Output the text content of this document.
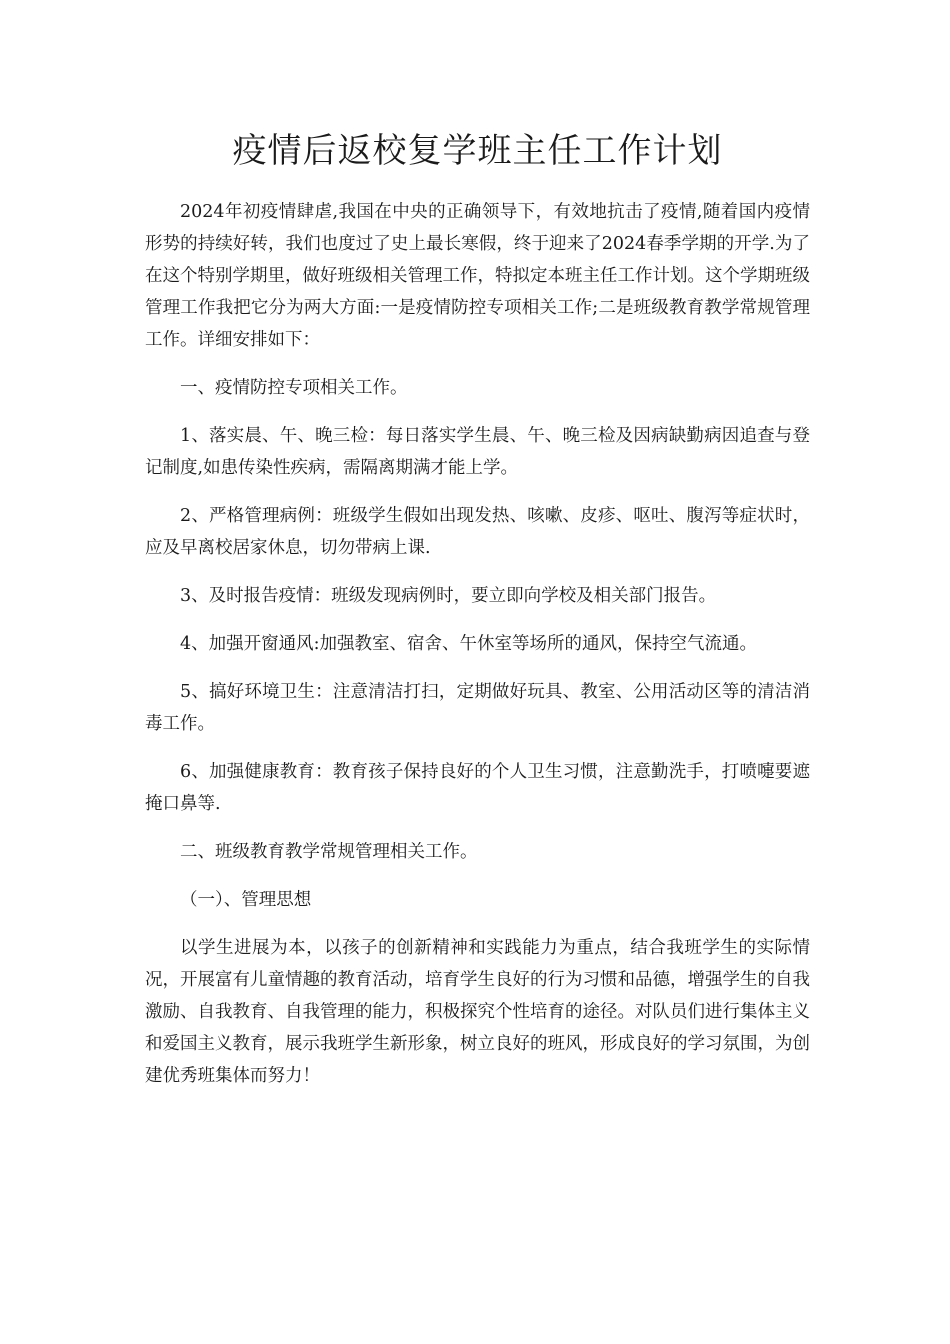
疫情后返校复学班主任工作计划

2024年初疫情肆虐,我国在中央的正确领导下，有效地抗击了疫情,随着国内疫情形势的持续好转，我们也度过了史上最长寒假，终于迎来了2024春季学期的开学.为了在这个特别学期里，做好班级相关管理工作，特拟定本班主任工作计划。这个学期班级管理工作我把它分为两大方面:一是疫情防控专项相关工作;二是班级教育教学常规管理工作。详细安排如下：

一、疫情防控专项相关工作。

1、落实晨、午、晚三检：每日落实学生晨、午、晚三检及因病缺勤病因追查与登记制度,如患传染性疾病，需隔离期满才能上学。

2、严格管理病例：班级学生假如出现发热、咳嗽、皮疹、呕吐、腹泻等症状时，应及早离校居家休息，切勿带病上课.

3、及时报告疫情：班级发现病例时，要立即向学校及相关部门报告。

4、加强开窗通风:加强教室、宿舍、午休室等场所的通风，保持空气流通。

5、搞好环境卫生：注意清洁打扫，定期做好玩具、教室、公用活动区等的清洁消毒工作。

6、加强健康教育：教育孩子保持良好的个人卫生习惯，注意勤洗手，打喷嚏要遮掩口鼻等.

二、班级教育教学常规管理相关工作。

（一）、管理思想

以学生进展为本，以孩子的创新精神和实践能力为重点，结合我班学生的实际情况，开展富有儿童情趣的教育活动，培育学生良好的行为习惯和品德，增强学生的自我激励、自我教育、自我管理的能力，积极探究个性培育的途径。对队员们进行集体主义和爱国主义教育，展示我班学生新形象，树立良好的班风，形成良好的学习氛围，为创建优秀班集体而努力！
